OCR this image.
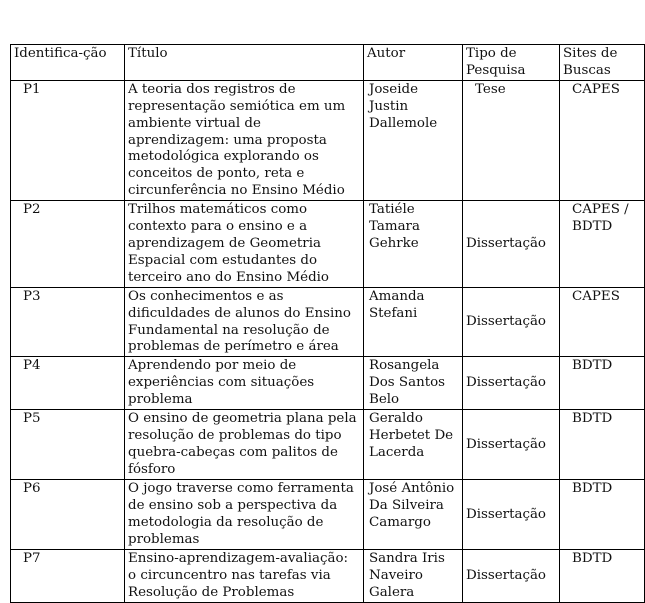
Identifica-ção	Título	Autor	Tipo de Pesquisa	Sites de Buscas
P1	A teoria dos registros de representação semiótica em um ambiente virtual de aprendizagem: uma proposta metodológica explorando os conceitos de ponto, reta e circunferência no Ensino Médio	Joseide Justin Dallemole	Tese	CAPES
P2	Trilhos matemáticos como contexto para o ensino e a aprendizagem de Geometria Espacial com estudantes do terceiro ano do Ensino Médio	Tatiéle Tamara Gehrke	Dissertação	CAPES / BDTD
P3	Os conhecimentos e as dificuldades de alunos do Ensino Fundamental na resolução de problemas de perímetro e área	Amanda Stefani	Dissertação	CAPES
P4	Aprendendo por meio de experiências com situações problema	Rosangela Dos Santos Belo	Dissertação	BDTD
P5	O ensino de geometria plana pela resolução de problemas do tipo quebra-cabeças com palitos de fósforo	Geraldo Herbetet De Lacerda	Dissertação	BDTD
P6	O jogo traverse como ferramenta de ensino sob a perspectiva da metodologia da resolução de problemas	José Antônio Da Silveira Camargo	Dissertação	BDTD
P7	Ensino-aprendizagem-avaliação: o circuncentro nas tarefas via Resolução de Problemas	Sandra Iris Naveiro Galera	Dissertação	BDTD
